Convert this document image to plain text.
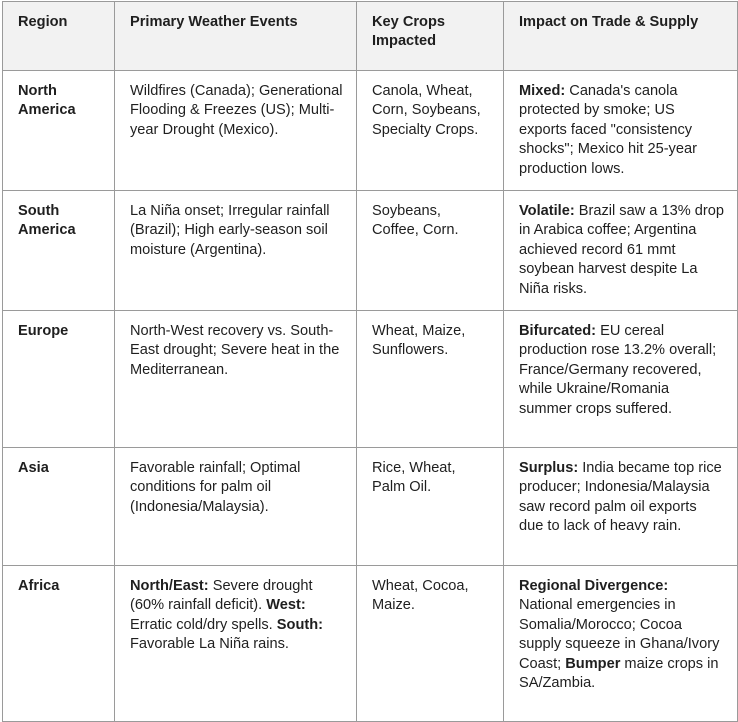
Region	Primary Weather Events	Key Crops Impacted	Impact on Trade & Supply
North America	Wildfires (Canada); Generational Flooding & Freezes (US); Multi-year Drought (Mexico).	Canola, Wheat, Corn, Soybeans, Specialty Crops.	Mixed: Canada's canola protected by smoke; US exports faced "consistency shocks"; Mexico hit 25-year production lows.
South America	La Niña onset; Irregular rainfall (Brazil); High early-season soil moisture (Argentina).	Soybeans, Coffee, Corn.	Volatile: Brazil saw a 13% drop in Arabica coffee; Argentina achieved record 61 mmt soybean harvest despite La Niña risks.
Europe	North-West recovery vs. South-East drought; Severe heat in the Mediterranean.	Wheat, Maize, Sunflowers.	Bifurcated: EU cereal production rose 13.2% overall; France/Germany recovered, while Ukraine/Romania summer crops suffered.
Asia	Favorable rainfall; Optimal conditions for palm oil (Indonesia/Malaysia).	Rice, Wheat, Palm Oil.	Surplus: India became top rice producer; Indonesia/Malaysia saw record palm oil exports due to lack of heavy rain.
Africa	North/East: Severe drought (60% rainfall deficit). West: Erratic cold/dry spells. South: Favorable La Niña rains.	Wheat, Cocoa, Maize.	Regional Divergence: National emergencies in Somalia/Morocco; Cocoa supply squeeze in Ghana/Ivory Coast; Bumper maize crops in SA/Zambia.
